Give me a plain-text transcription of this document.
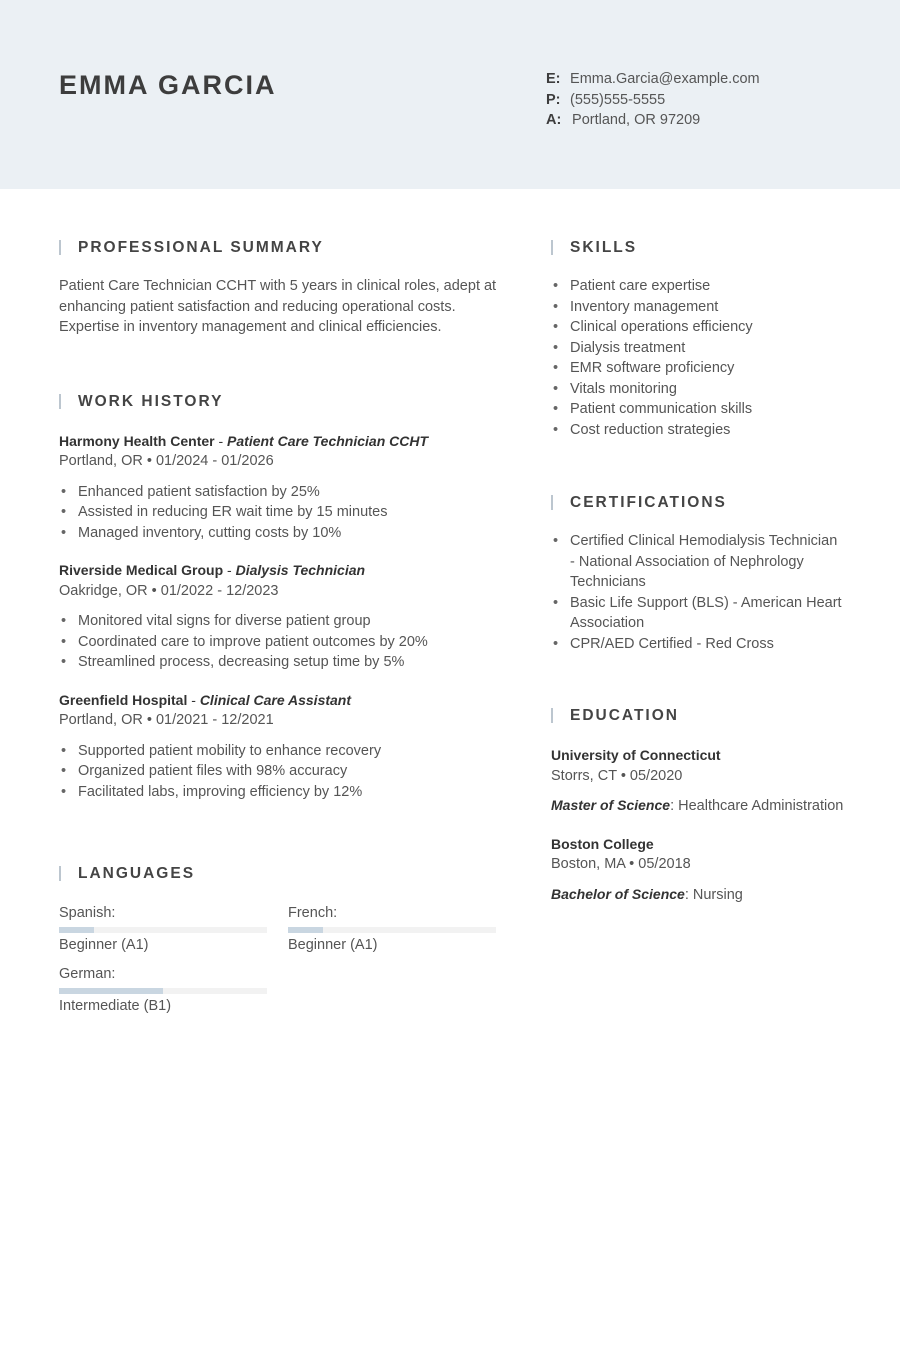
EMMA GARCIA	E: Emma.Garcia@example.com
P: (555)555-5555
A: Portland, OR 97209
PROFESSIONAL SUMMARY
Patient Care Technician CCHT with 5 years in clinical roles, adept at
enhancing patient satisfaction and reducing operational costs.
Expertise in inventory management and clinical efficiencies.
WORK HISTORY
Harmony Health Center - Patient Care Technician CCHT
Portland, OR • 01/2024 - 01/2026
• Enhanced patient satisfaction by 25%
• Assisted in reducing ER wait time by 15 minutes
• Managed inventory, cutting costs by 10%
Riverside Medical Group - Dialysis Technician
Oakridge, OR • 01/2022 - 12/2023
• Monitored vital signs for diverse patient group
• Coordinated care to improve patient outcomes by 20%
• Streamlined process, decreasing setup time by 5%
Greenfield Hospital - Clinical Care Assistant
Portland, OR • 01/2021 - 12/2021
• Supported patient mobility to enhance recovery
• Organized patient files with 98% accuracy
• Facilitated labs, improving efficiency by 12%
LANGUAGES
Spanish:
Beginner (A1)
French:
Beginner (A1)
German:
Intermediate (B1)
SKILLS
• Patient care expertise
• Inventory management
• Clinical operations efficiency
• Dialysis treatment
• EMR software proficiency
• Vitals monitoring
• Patient communication skills
• Cost reduction strategies
CERTIFICATIONS
• Certified Clinical Hemodialysis Technician
- National Association of Nephrology
Technicians
• Basic Life Support (BLS) - American Heart
Association
• CPR/AED Certified - Red Cross
EDUCATION
University of Connecticut
Storrs, CT • 05/2020
Master of Science: Healthcare Administration
Boston College
Boston, MA • 05/2018
Bachelor of Science: Nursing
